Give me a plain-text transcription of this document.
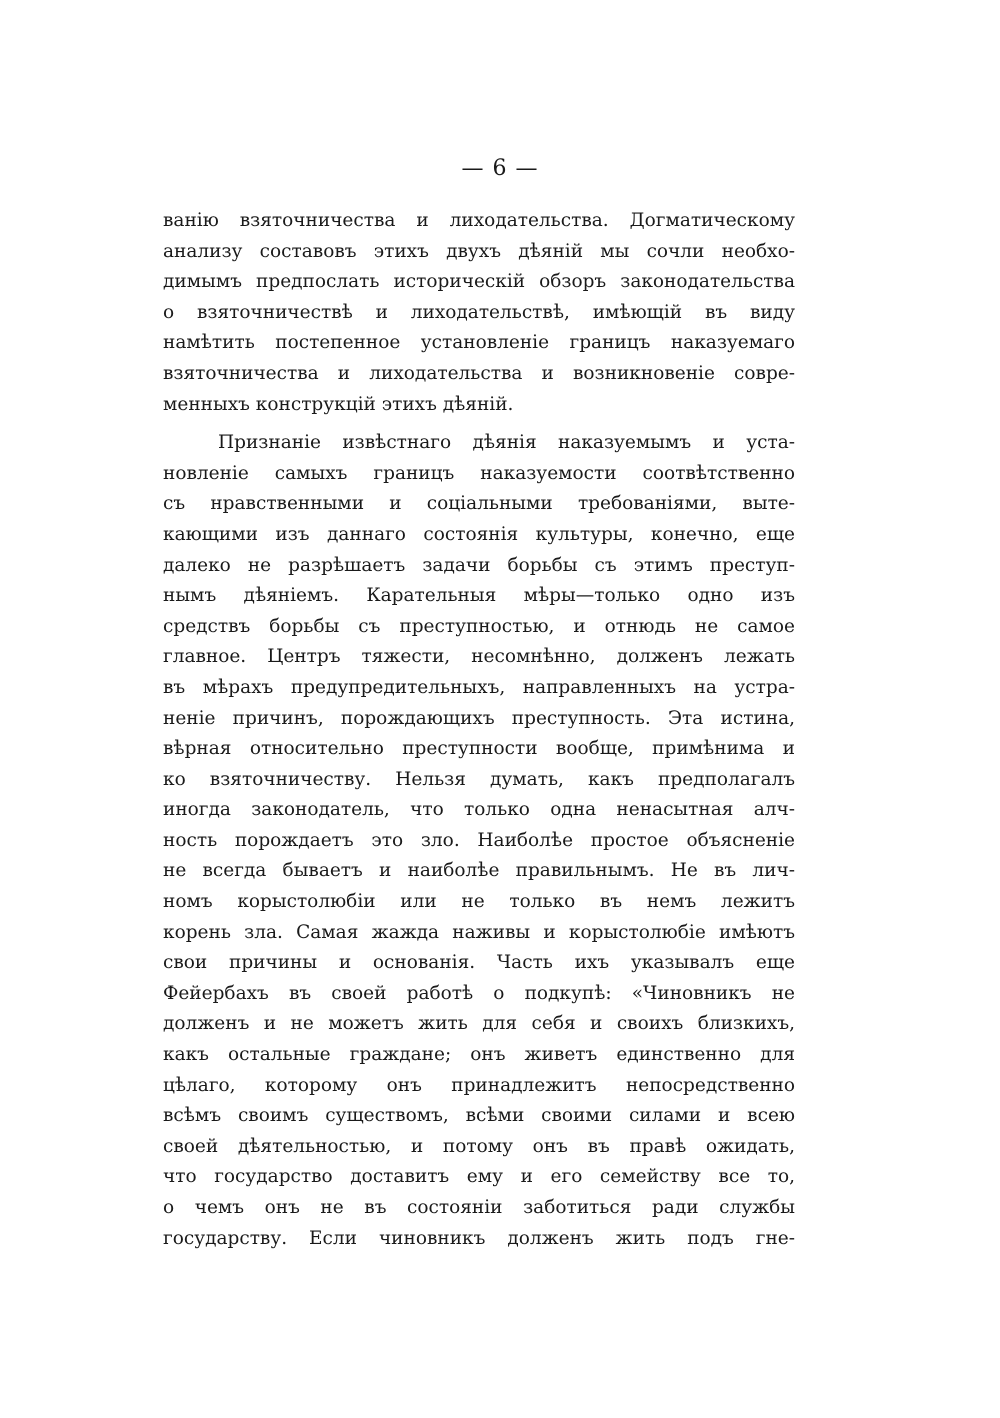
— 6 —
ванію взяточничества и лиходательства. Догматическому
анализу составовъ этихъ двухъ дѣяній мы сочли необхо-
димымъ предпослать историческій обзоръ законодательства
о взяточничествѣ и лиходательствѣ, имѣющій въ виду
намѣтить постепенное установленіе границъ наказуемаго
взяточничества и лиходательства и возникновеніе совре-
менныхъ конструкцій этихъ дѣяній.
Признаніе извѣстнаго дѣянія наказуемымъ и уста-
новленіе самыхъ границъ наказуемости соотвѣтственно
съ нравственными и соціальными требованіями, выте-
кающими изъ даннаго состоянія культуры, конечно, еще
далеко не разрѣшаетъ задачи борьбы съ этимъ преступ-
нымъ дѣяніемъ. Карательныя мѣры—только одно изъ
средствъ борьбы съ преступностью, и отнюдь не самое
главное. Центръ тяжести, несомнѣнно, долженъ лежать
въ мѣрахъ предупредительныхъ, направленныхъ на устра-
неніе причинъ, порождающихъ преступность. Эта истина,
вѣрная относительно преступности вообще, примѣнима и
ко взяточничеству. Нельзя думать, какъ предполагалъ
иногда законодатель, что только одна ненасытная алч-
ность порождаетъ это зло. Наиболѣе простое объясненіе
не всегда бываетъ и наиболѣе правильнымъ. Не въ лич-
номъ корыстолюбіи или не только въ немъ лежитъ
корень зла. Самая жажда наживы и корыстолюбіе имѣютъ
свои причины и основанія. Часть ихъ указывалъ еще
Фейербахъ въ своей работѣ о подкупѣ: «Чиновникъ не
долженъ и не можетъ жить для себя и своихъ близкихъ,
какъ остальные граждане; онъ живетъ единственно для
цѣлаго, которому онъ принадлежитъ непосредственно
всѣмъ своимъ существомъ, всѣми своими силами и всею
своей дѣятельностью, и потому онъ въ правѣ ожидать,
что государство доставитъ ему и его семейству все то,
о чемъ онъ не въ состояніи заботиться ради службы
государству. Если чиновникъ долженъ жить подъ гне-
